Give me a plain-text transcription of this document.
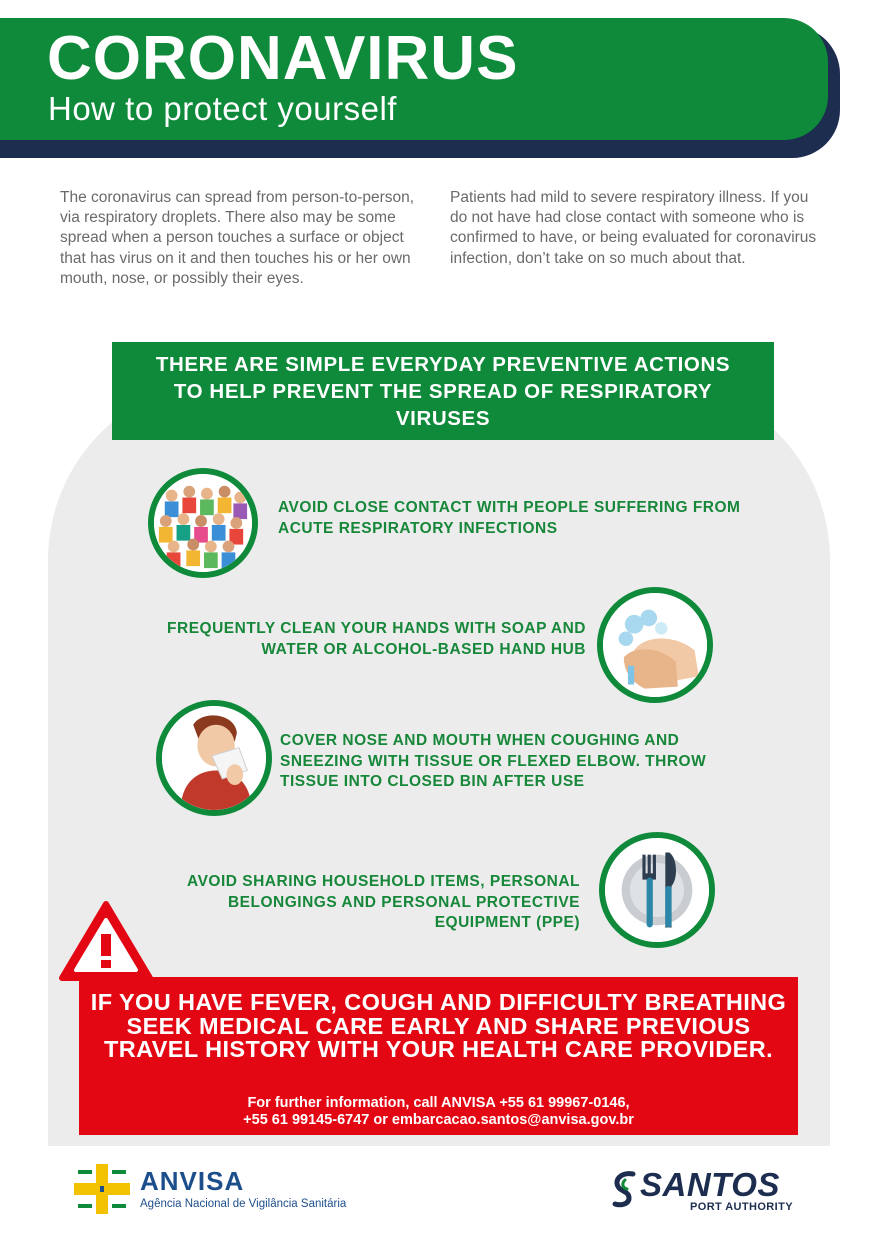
CORONAVIRUS
How to protect yourself
The coronavirus can spread from person-to-person, via respiratory droplets. There also may be some spread when a person touches a surface or object that has virus on it and then touches his or her own mouth, nose, or possibly their eyes.
Patients had mild to severe respiratory illness. If you do not have had close contact with someone who is confirmed to have, or being evaluated for coronavirus infection, don’t take on so much about that.
THERE ARE SIMPLE EVERYDAY PREVENTIVE ACTIONS TO HELP PREVENT THE SPREAD OF RESPIRATORY VIRUSES
AVOID CLOSE CONTACT WITH PEOPLE SUFFERING FROM ACUTE RESPIRATORY INFECTIONS
FREQUENTLY CLEAN YOUR HANDS WITH SOAP AND WATER OR ALCOHOL-BASED HAND HUB
COVER NOSE AND MOUTH WHEN COUGHING AND SNEEZING WITH TISSUE OR FLEXED ELBOW. THROW TISSUE INTO CLOSED BIN AFTER USE
AVOID SHARING HOUSEHOLD ITEMS, PERSONAL BELONGINGS AND PERSONAL PROTECTIVE EQUIPMENT (PPE)
IF YOU HAVE FEVER, COUGH AND DIFFICULTY BREATHING SEEK MEDICAL CARE EARLY AND SHARE PREVIOUS TRAVEL HISTORY WITH YOUR HEALTH CARE PROVIDER.
For further information, call ANVISA +55 61 99967-0146,
+55 61 99145-6747 or embarcacao.santos@anvisa.gov.br
ANVISA
Agência Nacional de Vigilância Sanitária
SANTOS
PORT AUTHORITY
